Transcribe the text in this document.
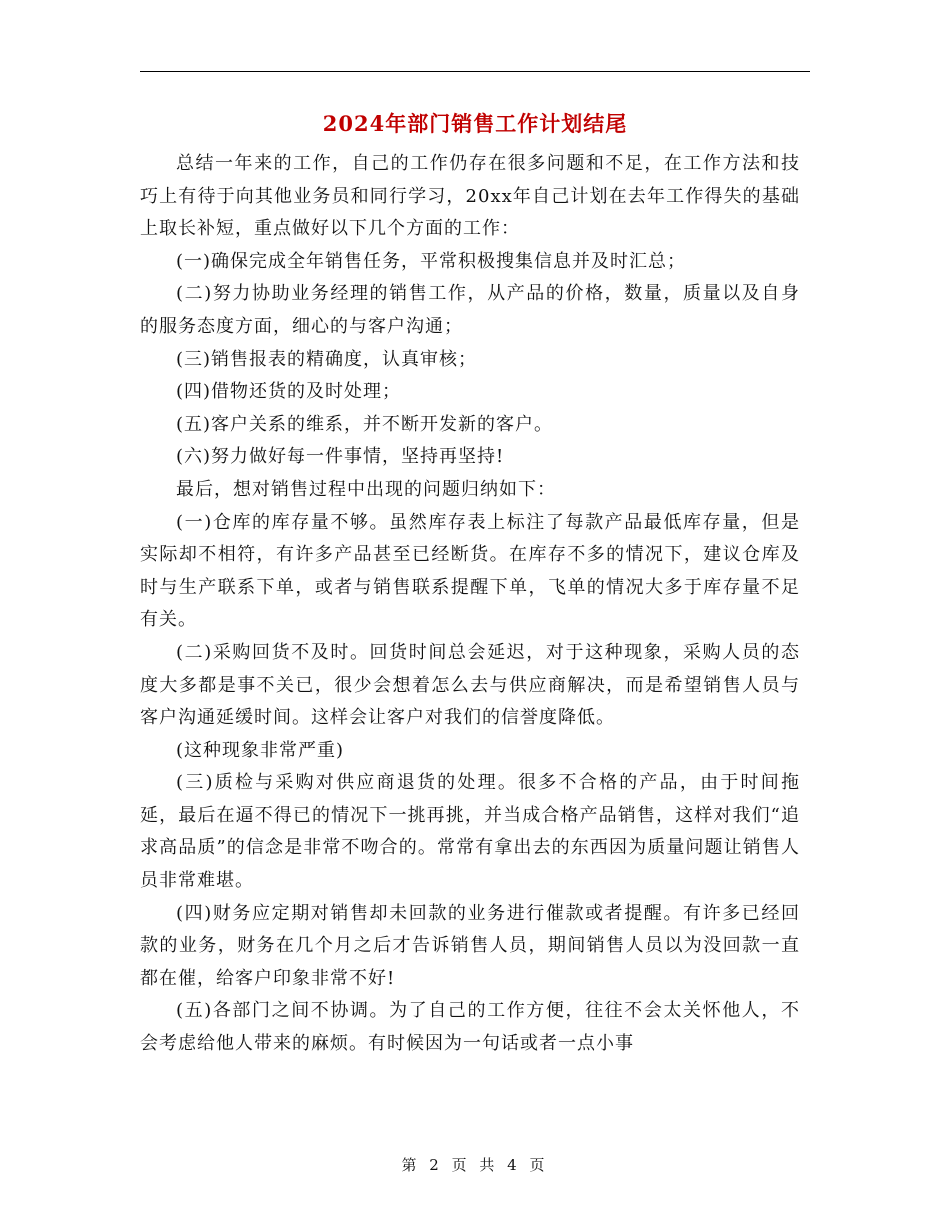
2024年部门销售工作计划结尾

总结一年来的工作，自己的工作仍存在很多问题和不足，在工作方法和技巧上有待于向其他业务员和同行学习，20xx年自己计划在去年工作得失的基础上取长补短，重点做好以下几个方面的工作：

(一)确保完成全年销售任务，平常积极搜集信息并及时汇总；

(二)努力协助业务经理的销售工作，从产品的价格，数量，质量以及自身的服务态度方面，细心的与客户沟通；

(三)销售报表的精确度，认真审核；

(四)借物还货的及时处理；

(五)客户关系的维系，并不断开发新的客户。

(六)努力做好每一件事情，坚持再坚持!

最后，想对销售过程中出现的问题归纳如下：

(一)仓库的库存量不够。虽然库存表上标注了每款产品最低库存量，但是实际却不相符，有许多产品甚至已经断货。在库存不多的情况下，建议仓库及时与生产联系下单，或者与销售联系提醒下单，飞单的情况大多于库存量不足有关。

(二)采购回货不及时。回货时间总会延迟，对于这种现象，采购人员的态度大多都是事不关已，很少会想着怎么去与供应商解决，而是希望销售人员与客户沟通延缓时间。这样会让客户对我们的信誉度降低。

(这种现象非常严重)

(三)质检与采购对供应商退货的处理。很多不合格的产品，由于时间拖延，最后在逼不得已的情况下一挑再挑，并当成合格产品销售，这样对我们“追求高品质”的信念是非常不吻合的。常常有拿出去的东西因为质量问题让销售人员非常难堪。

(四)财务应定期对销售却未回款的业务进行催款或者提醒。有许多已经回款的业务，财务在几个月之后才告诉销售人员，期间销售人员以为没回款一直都在催，给客户印象非常不好!

(五)各部门之间不协调。为了自己的工作方便，往往不会太关怀他人，不会考虑给他人带来的麻烦。有时候因为一句话或者一点小事

第 2 页 共 4 页
